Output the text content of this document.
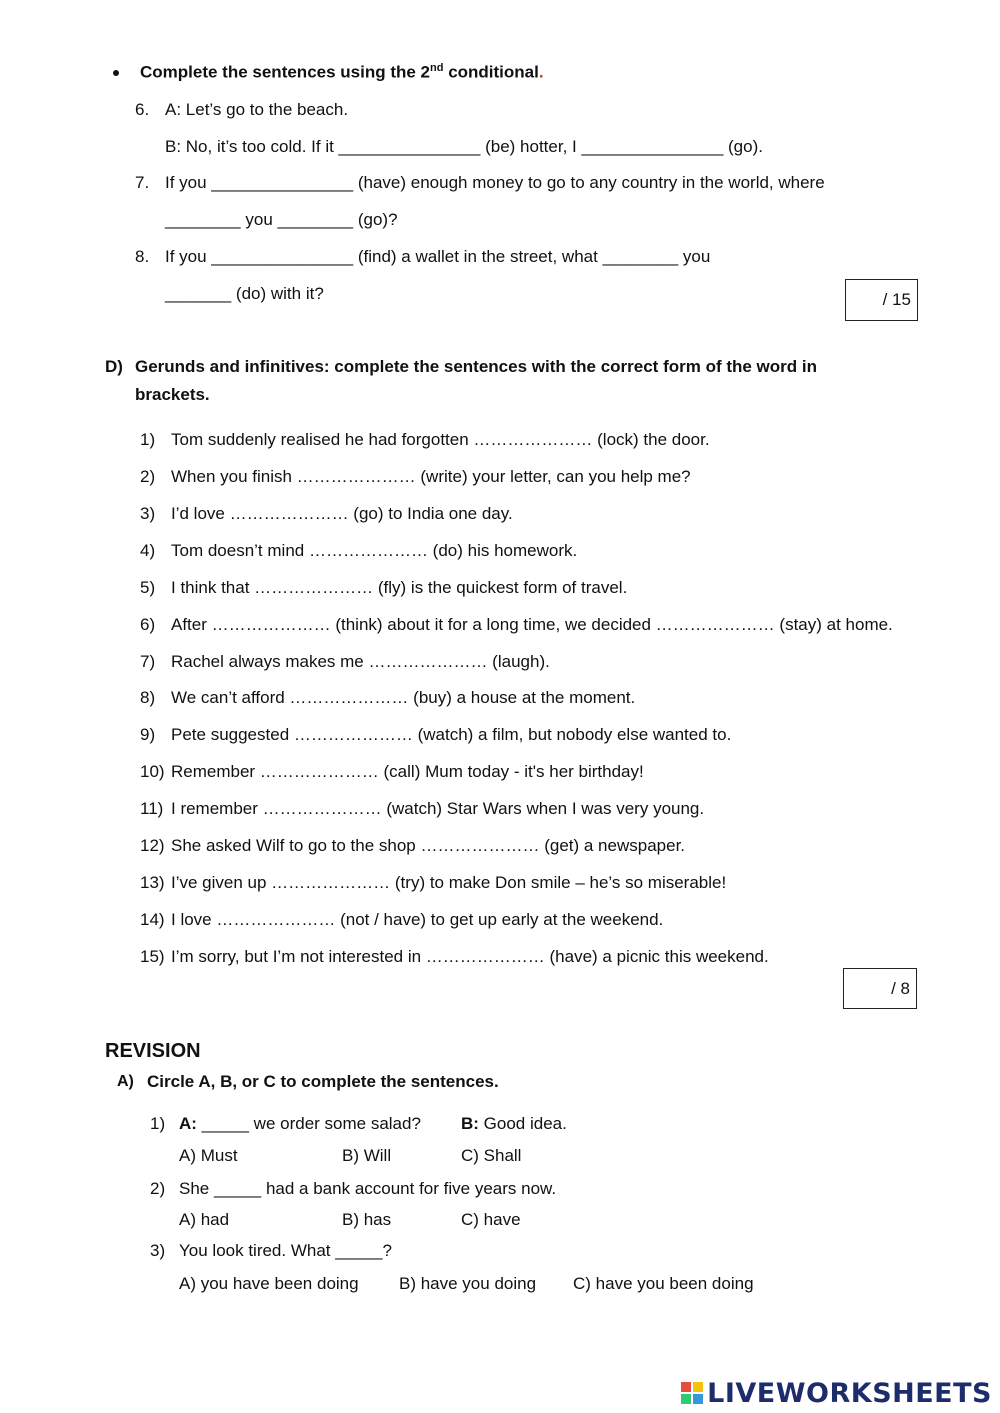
Complete the sentences using the 2nd conditional.
6. A: Let’s go to the beach.
B: No, it’s too cold. If it _______________ (be) hotter, I _______________ (go).
7. If you _______________ (have) enough money to go to any country in the world, where
________ you ________ (go)?
8. If you _______________ (find) a wallet in the street, what ________ you
_______ (do) with it?	/ 15
D) Gerunds and infinitives: complete the sentences with the correct form of the word in
brackets.
1) Tom suddenly realised he had forgotten ………………… (lock) the door.
2) When you finish ………………… (write) your letter, can you help me?
3) I’d love ………………… (go) to India one day.
4) Tom doesn’t mind ………………… (do) his homework.
5) I think that ………………… (fly) is the quickest form of travel.
6) After ………………… (think) about it for a long time, we decided ………………… (stay) at home.
7) Rachel always makes me ………………… (laugh).
8) We can’t afford ………………… (buy) a house at the moment.
9) Pete suggested ………………… (watch) a film, but nobody else wanted to.
10) Remember ………………… (call) Mum today - it's her birthday!
11) I remember ………………… (watch) Star Wars when I was very young.
12) She asked Wilf to go to the shop ………………… (get) a newspaper.
13) I’ve given up ………………… (try) to make Don smile – he’s so miserable!
14) I love ………………… (not / have) to get up early at the weekend.
15) I’m sorry, but I’m not interested in ………………… (have) a picnic this weekend.
/ 8
REVISION
A) Circle A, B, or C to complete the sentences.
1) A: _____ we order some salad? B: Good idea.
A) Must	B) Will	C) Shall
2) She _____ had a bank account for five years now.
A) had	B) has	C) have
3) You look tired. What _____?
A) you have been doing B) have you doing C) have you been doing
LIVEWORKSHEETS
